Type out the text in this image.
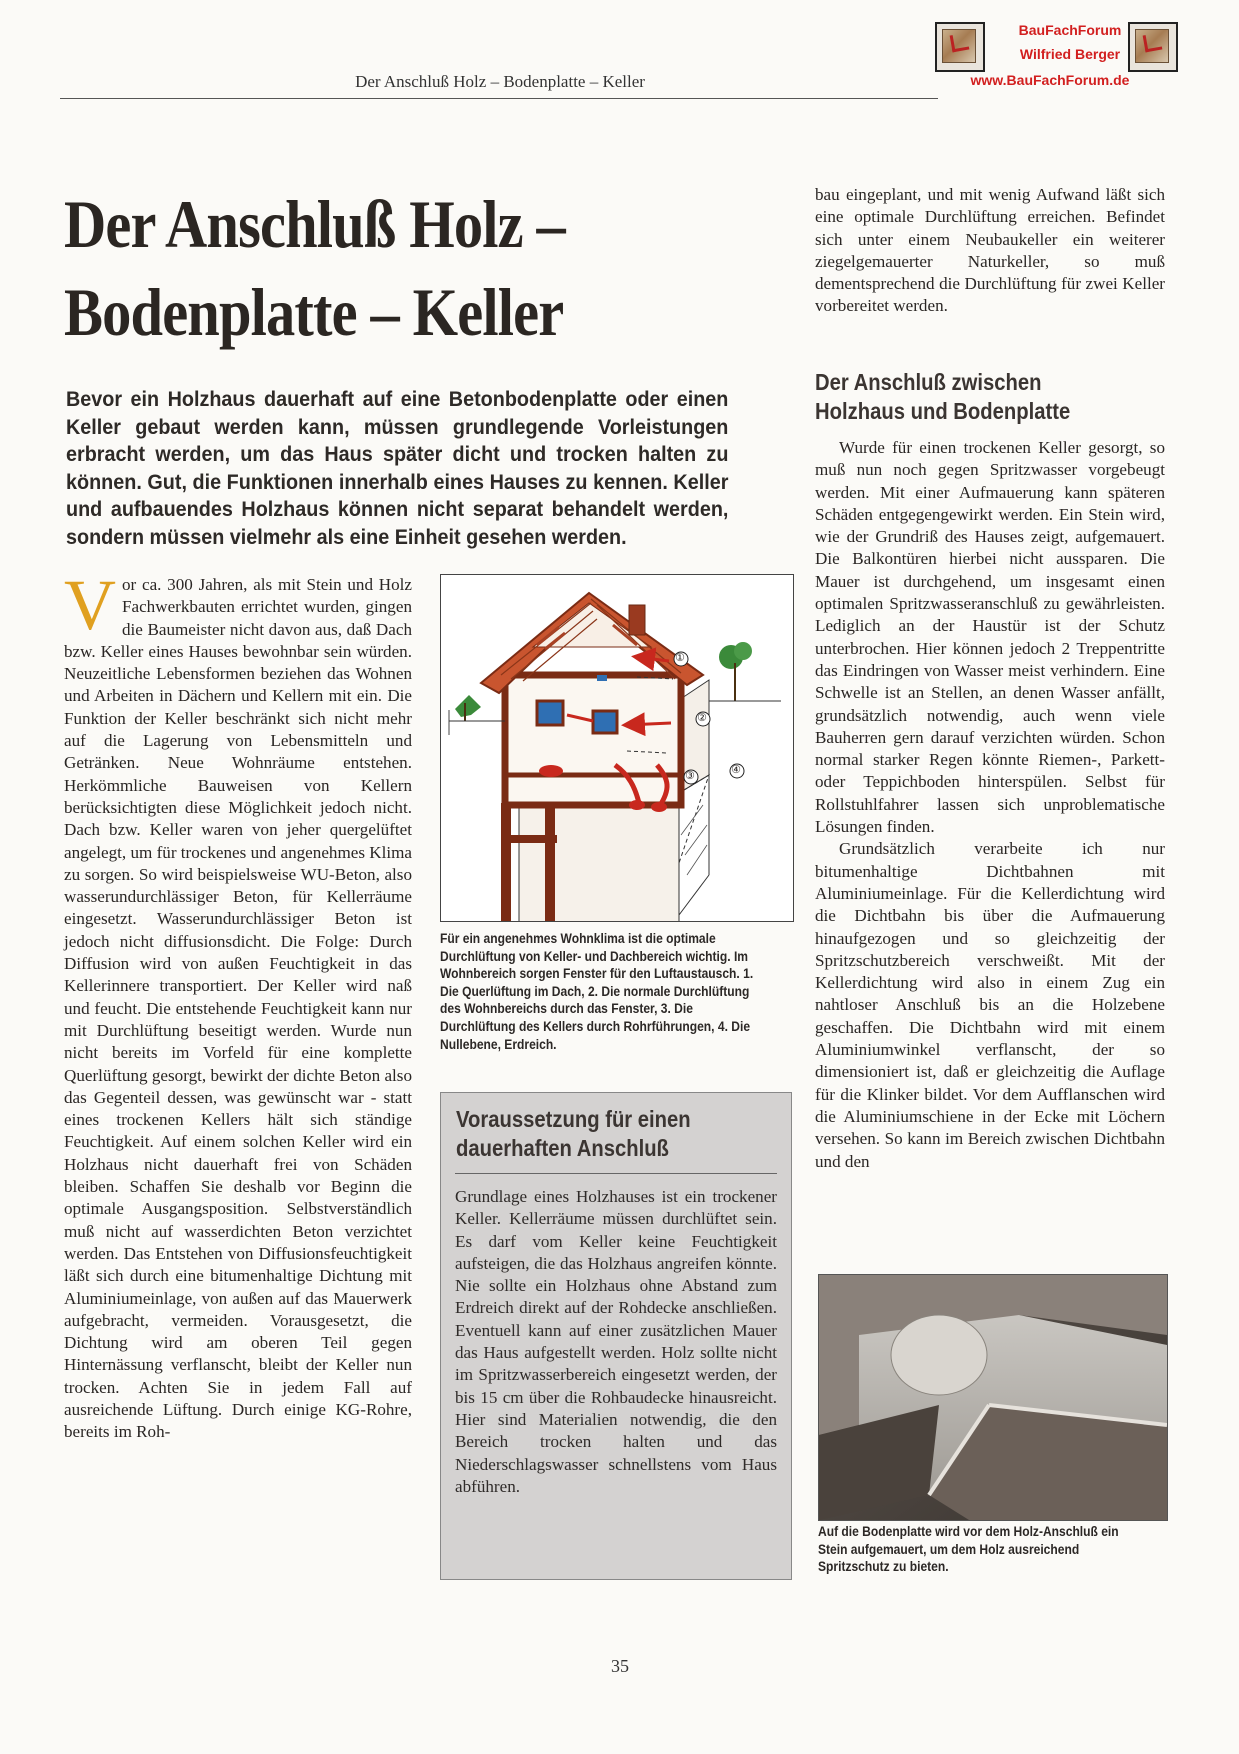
Der Anschluß Holz – Bodenplatte – Keller
BauFachForum
Wilfried Berger
www.BauFachForum.de
Der Anschluß Holz –
Bodenplatte – Keller
Bevor ein Holzhaus dauerhaft auf eine Betonbodenplatte oder einen Keller gebaut werden kann, müssen grundlegende Vorleistungen erbracht werden, um das Haus später dicht und trocken halten zu können. Gut, die Funktionen innerhalb eines Hauses zu kennen. Keller und aufbauendes Holzhaus können nicht separat behandelt werden, sondern müssen vielmehr als eine Einheit gesehen werden.
Vor ca. 300 Jahren, als mit Stein und Holz Fachwerkbauten errichtet wurden, gingen die Baumeister nicht davon aus, daß Dach bzw. Keller eines Hauses bewohnbar sein würden. Neuzeitliche Lebensformen beziehen das Wohnen und Arbeiten in Dächern und Kellern mit ein. Die Funktion der Keller beschränkt sich nicht mehr auf die Lagerung von Lebensmitteln und Getränken. Neue Wohnräume entstehen. Herkömmliche Bauweisen von Kellern berücksichtigten diese Möglichkeit jedoch nicht. Dach bzw. Keller waren von jeher quergelüftet angelegt, um für trockenes und angenehmes Klima zu sorgen. So wird beispielsweise WU-Beton, also wasserundurchlässiger Beton, für Kellerräume eingesetzt. Wasserundurchlässiger Beton ist jedoch nicht diffusionsdicht. Die Folge: Durch Diffusion wird von außen Feuchtigkeit in das Kellerinnere transportiert. Der Keller wird naß und feucht. Die entstehende Feuchtigkeit kann nur mit Durchlüftung beseitigt werden. Wurde nun nicht bereits im Vorfeld für eine komplette Querlüftung gesorgt, bewirkt der dichte Beton also das Gegenteil dessen, was gewünscht war - statt eines trockenen Kellers hält sich ständige Feuchtigkeit. Auf einem solchen Keller wird ein Holzhaus nicht dauerhaft frei von Schäden bleiben. Schaffen Sie deshalb vor Beginn die optimale Ausgangsposition. Selbstverständlich muß nicht auf wasserdichten Beton verzichtet werden. Das Entstehen von Diffusionsfeuchtigkeit läßt sich durch eine bitumenhaltige Dichtung mit Aluminiumeinlage, von außen auf das Mauerwerk aufgebracht, vermeiden. Vorausgesetzt, die Dichtung wird am oberen Teil gegen Hinternässung verflanscht, bleibt der Keller nun trocken. Achten Sie in jedem Fall auf ausreichende Lüftung. Durch einige KG-Rohre, bereits im Roh-
①
②
③	④
Für ein angenehmes Wohnklima ist die optimale Durchlüftung von Keller- und Dachbereich wichtig. Im Wohnbereich sorgen Fenster für den Luftaustausch. 1. Die Querlüftung im Dach, 2. Die normale Durchlüftung des Wohnbereichs durch das Fenster, 3. Die Durchlüftung des Kellers durch Rohrführungen, 4. Die Nullebene, Erdreich.
Voraussetzung für einen dauerhaften Anschluß
Grundlage eines Holzhauses ist ein trockener Keller. Kellerräume müssen durchlüftet sein. Es darf vom Keller keine Feuchtigkeit aufsteigen, die das Holzhaus angreifen könnte. Nie sollte ein Holzhaus ohne Abstand zum Erdreich direkt auf der Rohdecke anschließen. Eventuell kann auf einer zusätzlichen Mauer das Haus aufgestellt werden. Holz sollte nicht im Spritzwasserbereich eingesetzt werden, der bis 15 cm über die Rohbaudecke hinausreicht. Hier sind Materialien notwendig, die den Bereich trocken halten und das Niederschlagswasser schnellstens vom Haus abführen.
bau eingeplant, und mit wenig Aufwand läßt sich eine optimale Durchlüftung erreichen. Befindet sich unter einem Neubaukeller ein weiterer ziegelgemauerter Naturkeller, so muß dementsprechend die Durchlüftung für zwei Keller vorbereitet werden.
Der Anschluß zwischen Holzhaus und Bodenplatte

Wurde für einen trockenen Keller gesorgt, so muß nun noch gegen Spritzwasser vorgebeugt werden. Mit einer Aufmauerung kann späteren Schäden entgegengewirkt werden. Ein Stein wird, wie der Grundriß des Hauses zeigt, aufgemauert. Die Balkontüren hierbei nicht aussparen. Die Mauer ist durchgehend, um insgesamt einen optimalen Spritzwasseranschluß zu gewährleisten. Lediglich an der Haustür ist der Schutz unterbrochen. Hier können jedoch 2 Treppentritte das Eindringen von Wasser meist verhindern. Eine Schwelle ist an Stellen, an denen Wasser anfällt, grundsätzlich notwendig, auch wenn viele Bauherren gern darauf verzichten würden. Schon normal starker Regen könnte Riemen-, Parkett- oder Teppichboden hinterspülen. Selbst für Rollstuhlfahrer lassen sich unproblematische Lösungen finden.

Grundsätzlich verarbeite ich nur bitumenhaltige Dichtbahnen mit Aluminiumeinlage. Für die Kellerdichtung wird die Dichtbahn bis über die Aufmauerung hinaufgezogen und so gleichzeitig der Spritzschutzbereich verschweißt. Mit der Kellerdichtung wird also in einem Zug ein nahtloser Anschluß bis an die Holzebene geschaffen. Die Dichtbahn wird mit einem Aluminiumwinkel verflanscht, der so dimensioniert ist, daß er gleichzeitig die Auflage für die Klinker bildet. Vor dem Aufflanschen wird die Aluminiumschiene in der Ecke mit Löchern versehen. So kann im Bereich zwischen Dichtbahn und den

Auf die Bodenplatte wird vor dem Holz-Anschluß ein Stein aufgemauert, um dem Holz ausreichend Spritzschutz zu bieten.
35
